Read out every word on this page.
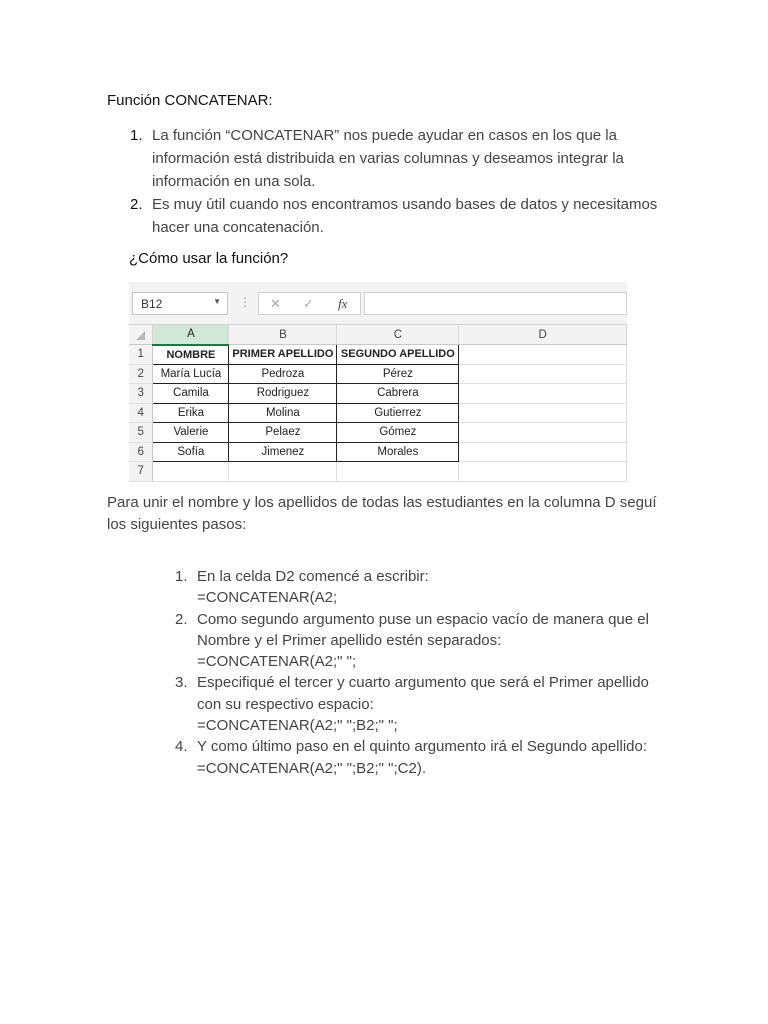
Función CONCATENAR:
1. La función “CONCATENAR” nos puede ayudar en casos en los que la información está distribuida en varias columnas y deseamos integrar la información en una sola.
2. Es muy útil cuando nos encontramos usando bases de datos y necesitamos hacer una concatenación.
¿Cómo usar la función?
B12	▼ ⋮ ✕ ✓ fx
	A	B	C	D
1	NOMBRE	PRIMER APELLIDO	SEGUNDO APELLIDO	
2	María Lucía	Pedroza	Pérez	
3	Camila	Rodriguez	Cabrera	
4	Erika	Molina	Gutierrez	
5	Valerie	Pelaez	Gómez	
6	Sofía	Jimenez	Morales	
7				
Para unir el nombre y los apellidos de todas las estudiantes en la columna D seguí los siguientes pasos:
1. En la celda D2 comencé a escribir:
=CONCATENAR(A2;
2. Como segundo argumento puse un espacio vacío de manera que el Nombre y el Primer apellido estén separados:
=CONCATENAR(A2;" ";
3. Especifiqué el tercer y cuarto argumento que será el Primer apellido con su respectivo espacio:
=CONCATENAR(A2;" ";B2;" ";
4. Y como último paso en el quinto argumento irá el Segundo apellido:
=CONCATENAR(A2;" ";B2;" ";C2).
